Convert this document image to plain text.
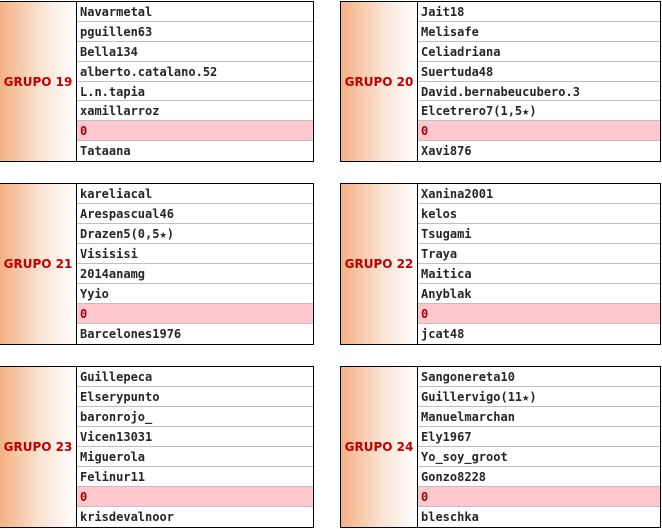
GRUPO 19
Navarmetal
pguillen63
Bella134
alberto.catalano.52
L.n.tapia
xamillarroz
0
Tataana
GRUPO 20
Jait18
Melisafe
Celiadriana
Suertuda48
David.bernabeucubero.3
Elcetrero7(1,5★)
0
Xavi876
GRUPO 21
kareliacal
Arespascual46
Drazen5(0,5★)
Visisisi
2014anamg
Yyio
0
Barcelones1976
GRUPO 22
Xanina2001
kelos
Tsugami
Traya
Maitica
Anyblak
0
jcat48
GRUPO 23
Guillepeca
Elserypunto
baronrojo_
Vicen13031
Miguerola
Felinur11
0
krisdevalnoor
GRUPO 24
Sangonereta10
Guillervigo(11★)
Manuelmarchan
Ely1967
Yo_soy_groot
Gonzo8228
0
bleschka
